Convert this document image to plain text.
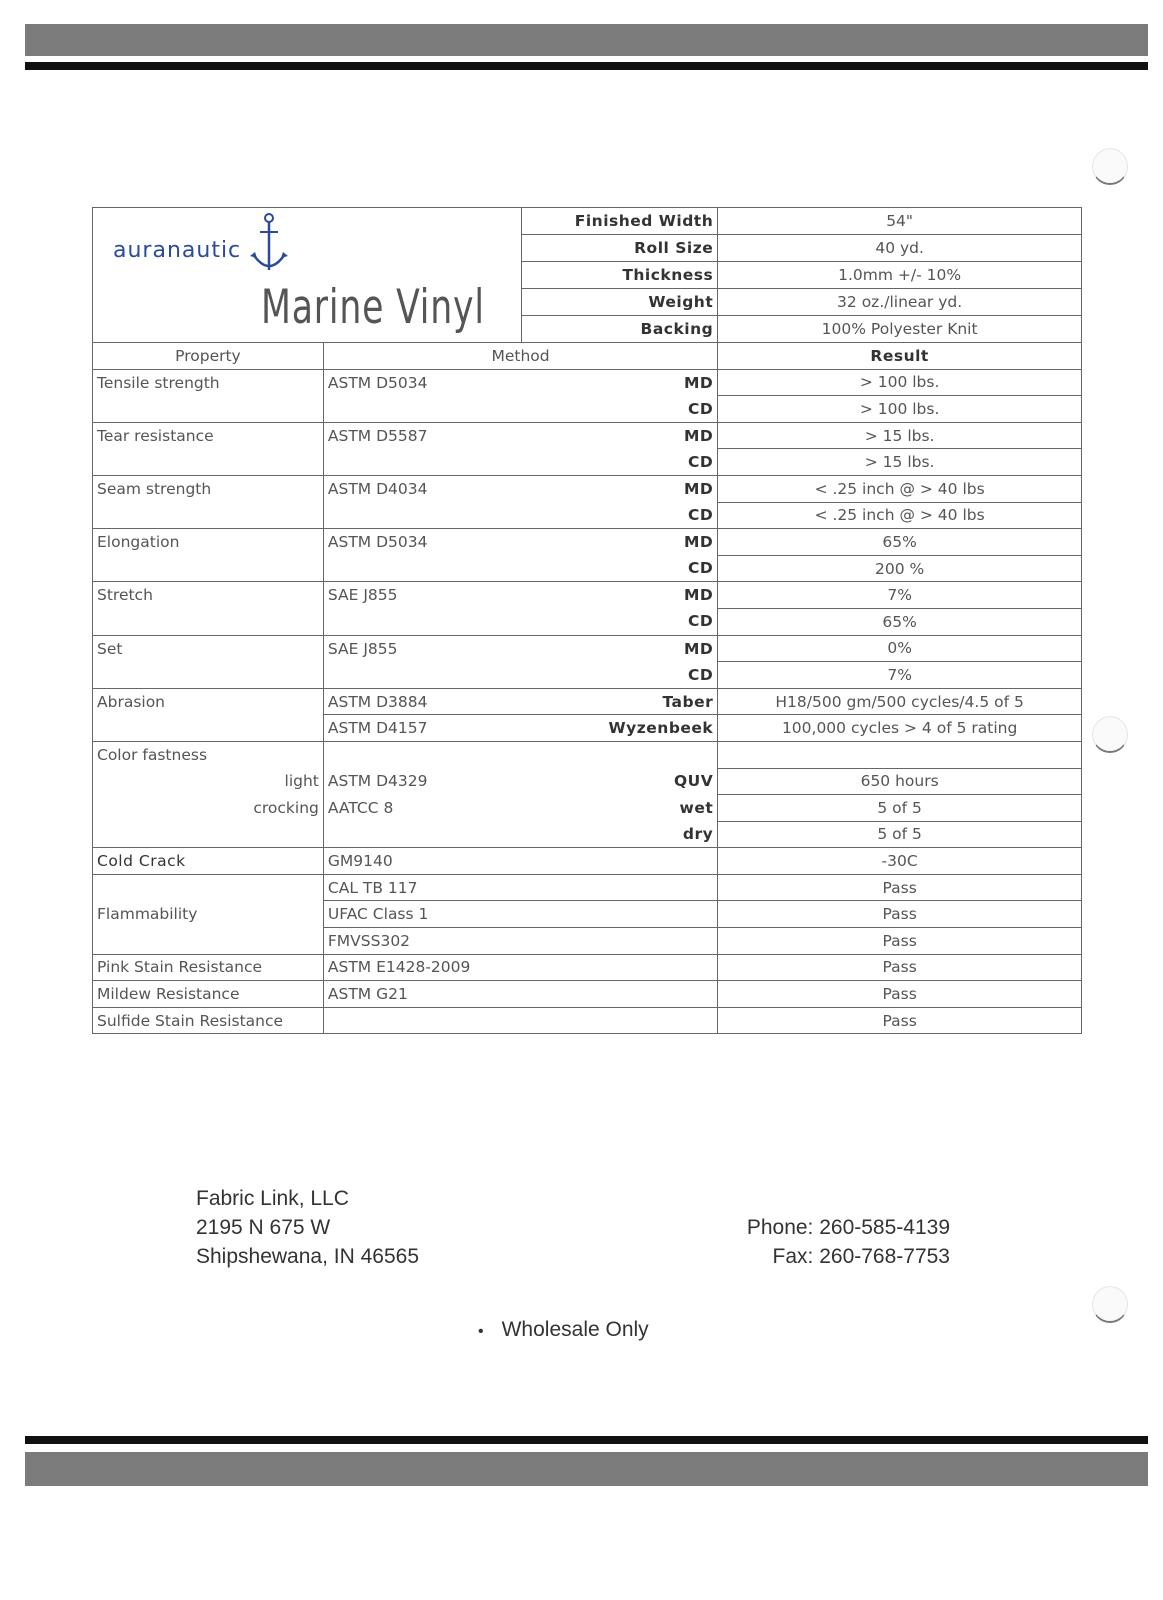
auranautic
Marine Vinyl		Finished Width	54"
		Roll Size	40 yd.
		Thickness	1.0mm +/- 10%
		Weight	32 oz./linear yd.
		Backing	100% Polyester Knit
Property	Method		Result
Tensile strength	ASTM D5034	MD	> 100 lbs.
		CD	> 100 lbs.
Tear resistance	ASTM D5587	MD	> 15 lbs.
		CD	> 15 lbs.
Seam strength	ASTM D4034	MD	< .25 inch @ > 40 lbs
		CD	< .25 inch @ > 40 lbs
Elongation	ASTM D5034	MD	65%
		CD	200 %
Stretch	SAE J855	MD	7%
		CD	65%
Set	SAE J855	MD	0%
		CD	7%
Abrasion	ASTM D3884	Taber	H18/500 gm/500 cycles/4.5 of 5
	ASTM D4157	Wyzenbeek	100,000 cycles > 4 of 5 rating
Color fastness			
light	ASTM D4329	QUV	650 hours
crocking	AATCC 8	wet	5 of 5
		dry	5 of 5
Cold Crack	GM9140		-30C
Flammability	CAL TB 117		Pass
	UFAC Class 1		Pass
	FMVSS302		Pass
Pink Stain Resistance	ASTM E1428-2009		Pass
Mildew Resistance	ASTM G21		Pass
Sulfide Stain Resistance			Pass
Fabric Link, LLC
2195 N 675 W
Shipshewana, IN 46565
Phone: 260-585-4139
Fax: 260-768-7753
• Wholesale Only
